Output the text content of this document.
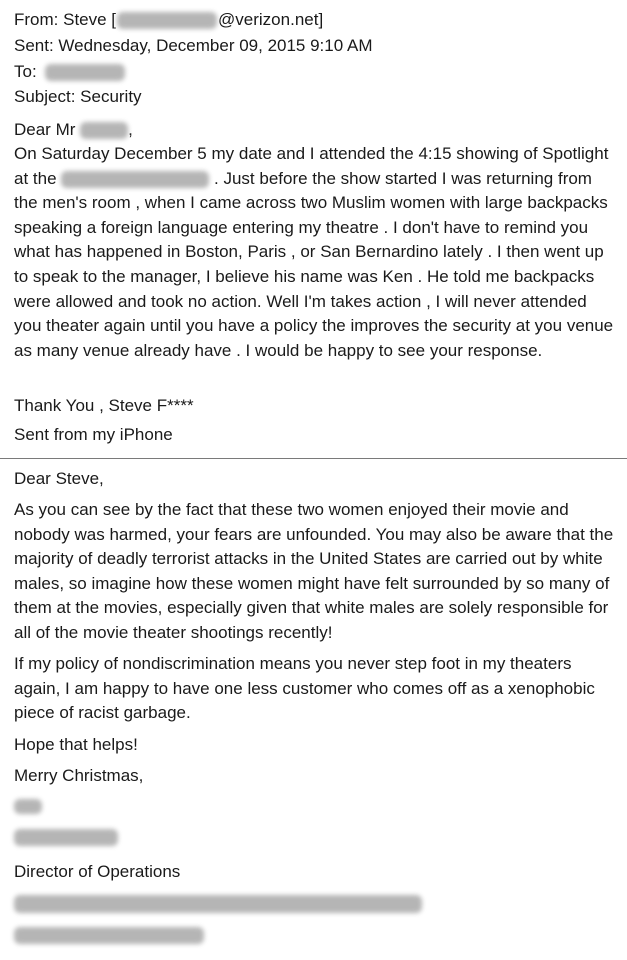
From: Steve [	@verizon.net]
Sent: Wednesday, December 09, 2015 9:10 AM
To:
Subject: Security
Dear Mr	,
On Saturday December 5 my date and I attended the 4:15 showing of Spotlight at the	. Just before the show started I was returning from the men's room , when I came across two Muslim women with large backpacks speaking a foreign language entering my theatre . I don't have to remind you what has happened in Boston, Paris , or San Bernardino lately . I then went up to speak to the manager, I believe his name was Ken . He told me backpacks were allowed and took no action. Well I'm takes action , I will never attended you theater again until you have a policy the improves the security at you venue as many venue already have . I would be happy to see your response.
Thank You , Steve F****
Sent from my iPhone
Dear Steve,
As you can see by the fact that these two women enjoyed their movie and nobody was harmed, your fears are unfounded. You may also be aware that the majority of deadly terrorist attacks in the United States are carried out by white males, so imagine how these women might have felt surrounded by so many of them at the movies, especially given that white males are solely responsible for all of the movie theater shootings recently!
If my policy of nondiscrimination means you never step foot in my theaters again, I am happy to have one less customer who comes off as a xenophobic piece of racist garbage.
Hope that helps!
Merry Christmas,
Director of Operations
